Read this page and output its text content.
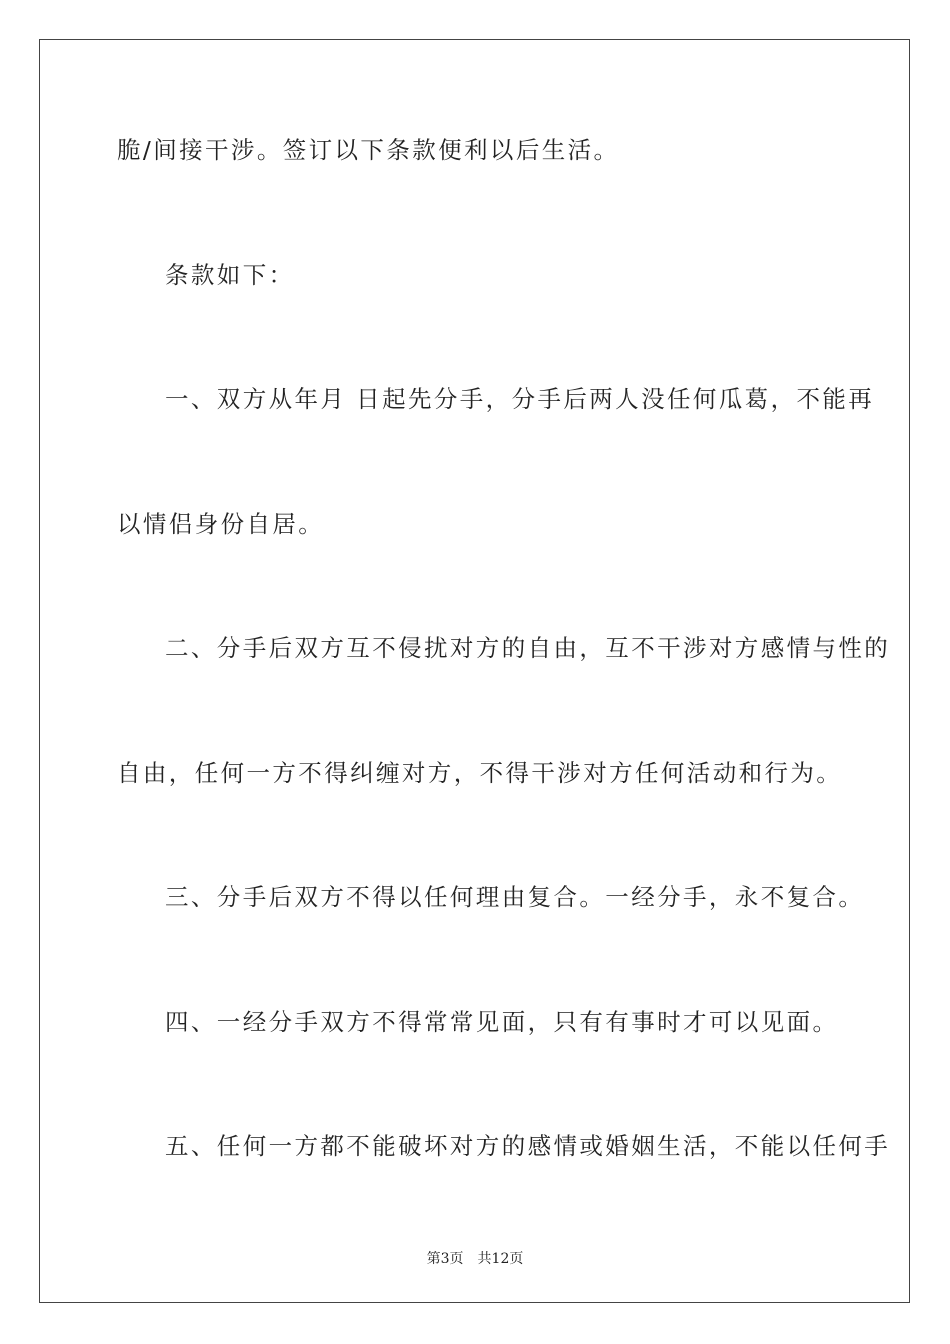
脆/间接干涉。签订以下条款便利以后生活。
条款如下：
一、双方从年月 日起先分手，分手后两人没任何瓜葛，不能再
以情侣身份自居。
二、分手后双方互不侵扰对方的自由，互不干涉对方感情与性的
自由，任何一方不得纠缠对方，不得干涉对方任何活动和行为。
三、分手后双方不得以任何理由复合。一经分手，永不复合。
四、一经分手双方不得常常见面，只有有事时才可以见面。
五、任何一方都不能破坏对方的感情或婚姻生活，不能以任何手
第3页 共12页
